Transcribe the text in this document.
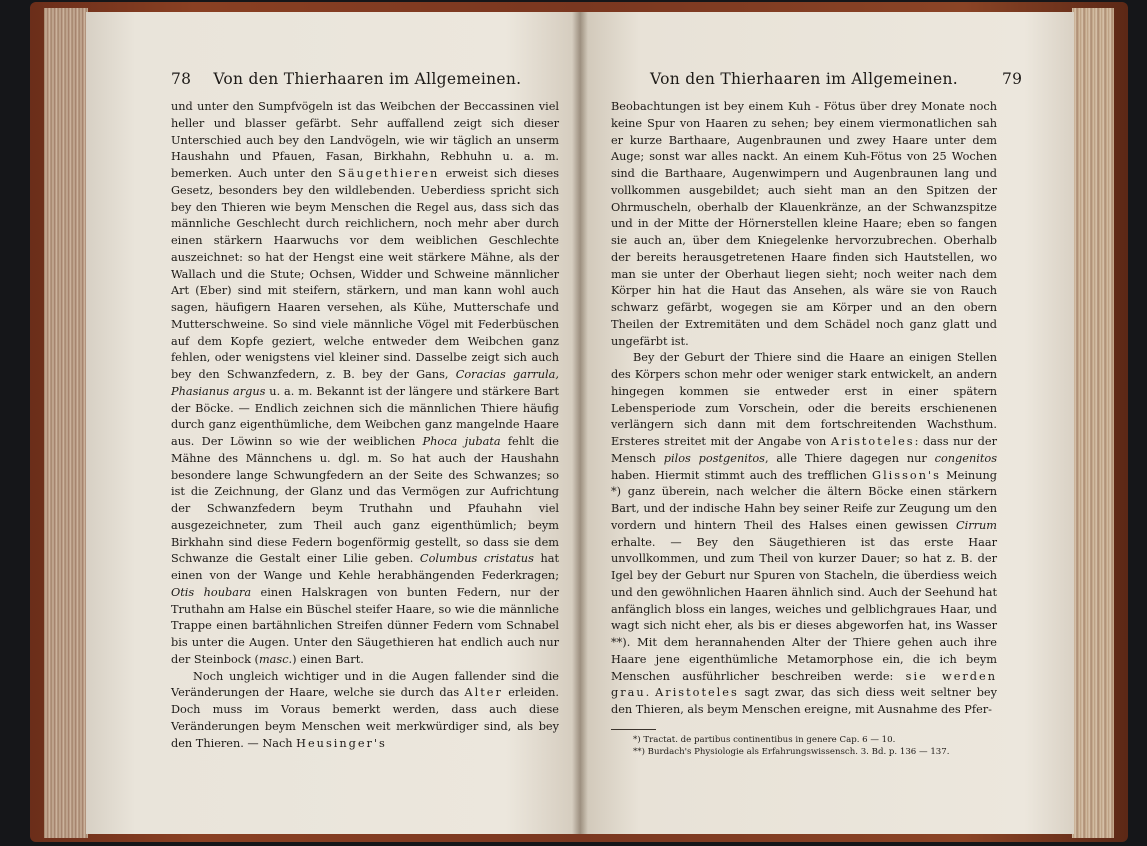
78 Von den Thierhaaren im Allgemeinen.

und unter den Sumpfvögeln ist das Weibchen der Beccassinen viel heller und blasser gefärbt. Sehr auffallend zeigt sich dieser Unterschied auch bey den Landvögeln, wie wir täglich an unserm Haushahn und Pfauen, Fasan, Birkhahn, Rebhuhn u. a. m. bemerken. Auch unter den Säugethieren erweist sich dieses Gesetz, besonders bey den wildlebenden. Ueberdiess spricht sich bey den Thieren wie beym Menschen die Regel aus, dass sich das männliche Geschlecht durch reichlichern, noch mehr aber durch einen stärkern Haarwuchs vor dem weiblichen Geschlechte auszeichnet: so hat der Hengst eine weit stärkere Mähne, als der Wallach und die Stute; Ochsen, Widder und Schweine männlicher Art (Eber) sind mit steifern, stärkern, und man kann wohl auch sagen, häufigern Haaren versehen, als Kühe, Mutterschafe und Mutterschweine. So sind viele männliche Vögel mit Federbüschen auf dem Kopfe geziert, welche entweder dem Weibchen ganz fehlen, oder wenigstens viel kleiner sind. Dasselbe zeigt sich auch bey den Schwanzfedern, z. B. bey der Gans, Coracias garrula, Phasianus argus u. a. m. Bekannt ist der längere und stärkere Bart der Böcke. — Endlich zeichnen sich die männlichen Thiere häufig durch ganz eigenthümliche, dem Weibchen ganz mangelnde Haare aus. Der Löwinn so wie der weiblichen Phoca jubata fehlt die Mähne des Männchens u. dgl. m. So hat auch der Haushahn besondere lange Schwungfedern an der Seite des Schwanzes; so ist die Zeichnung, der Glanz und das Vermögen zur Aufrichtung der Schwanzfedern beym Truthahn und Pfauhahn viel ausgezeichneter, zum Theil auch ganz eigenthümlich; beym Birkhahn sind diese Federn bogenförmig gestellt, so dass sie dem Schwanze die Gestalt einer Lilie geben. Columbus cristatus hat einen von der Wange und Kehle herabhängenden Federkragen; Otis houbara einen Halskragen von bunten Federn, nur der Truthahn am Halse ein Büschel steifer Haare, so wie die männliche Trappe einen bartähnlichen Streifen dünner Federn vom Schnabel bis unter die Augen. Unter den Säugethieren hat endlich auch nur der Steinbock (masc.) einen Bart.

Noch ungleich wichtiger und in die Augen fallender sind die Veränderungen der Haare, welche sie durch das Alter erleiden. Doch muss im Voraus bemerkt werden, dass auch diese Veränderungen beym Menschen weit merkwürdiger sind, als bey den Thieren. — Nach Heusinger's

Von den Thierhaaren im Allgemeinen.	79

Beobachtungen ist bey einem Kuh - Fötus über drey Monate noch keine Spur von Haaren zu sehen; bey einem viermonatlichen sah er kurze Barthaare, Augenbraunen und zwey Haare unter dem Auge; sonst war alles nackt. An einem Kuh-Fötus von 25 Wochen sind die Barthaare, Augenwimpern und Augenbraunen lang und vollkommen ausgebildet; auch sieht man an den Spitzen der Ohrmuscheln, oberhalb der Klauenkränze, an der Schwanzspitze und in der Mitte der Hörnerstellen kleine Haare; eben so fangen sie auch an, über dem Kniegelenke hervorzubrechen. Oberhalb der bereits herausgetretenen Haare finden sich Hautstellen, wo man sie unter der Oberhaut liegen sieht; noch weiter nach dem Körper hin hat die Haut das Ansehen, als wäre sie von Rauch schwarz gefärbt, wogegen sie am Körper und an den obern Theilen der Extremitäten und dem Schädel noch ganz glatt und ungefärbt ist.

Bey der Geburt der Thiere sind die Haare an einigen Stellen des Körpers schon mehr oder weniger stark entwickelt, an andern hingegen kommen sie entweder erst in einer spätern Lebensperiode zum Vorschein, oder die bereits erschienenen verlängern sich dann mit dem fortschreitenden Wachsthum. Ersteres streitet mit der Angabe von Aristoteles: dass nur der Mensch pilos postgenitos, alle Thiere dagegen nur congenitos haben. Hiermit stimmt auch des trefflichen Glisson's Meinung *) ganz überein, nach welcher die ältern Böcke einen stärkern Bart, und der indische Hahn bey seiner Reife zur Zeugung um den vordern und hintern Theil des Halses einen gewissen Cirrum erhalte. — Bey den Säugethieren ist das erste Haar unvollkommen, und zum Theil von kurzer Dauer; so hat z. B. der Igel bey der Geburt nur Spuren von Stacheln, die überdiess weich und den gewöhnlichen Haaren ähnlich sind. Auch der Seehund hat anfänglich bloss ein langes, weiches und gelblichgraues Haar, und wagt sich nicht eher, als bis er dieses abgeworfen hat, ins Wasser **). Mit dem herannahenden Alter der Thiere gehen auch ihre Haare jene eigenthümliche Metamorphose ein, die ich beym Menschen ausführlicher beschreiben werde: sie werden grau. Aristoteles sagt zwar, das sich diess weit seltner bey den Thieren, als beym Menschen ereigne, mit Ausnahme des Pfer-

*) Tractat. de partibus continentibus in genere Cap. 6 — 10.

**) Burdach's Physiologie als Erfahrungswissensch. 3. Bd. p. 136 — 137.
